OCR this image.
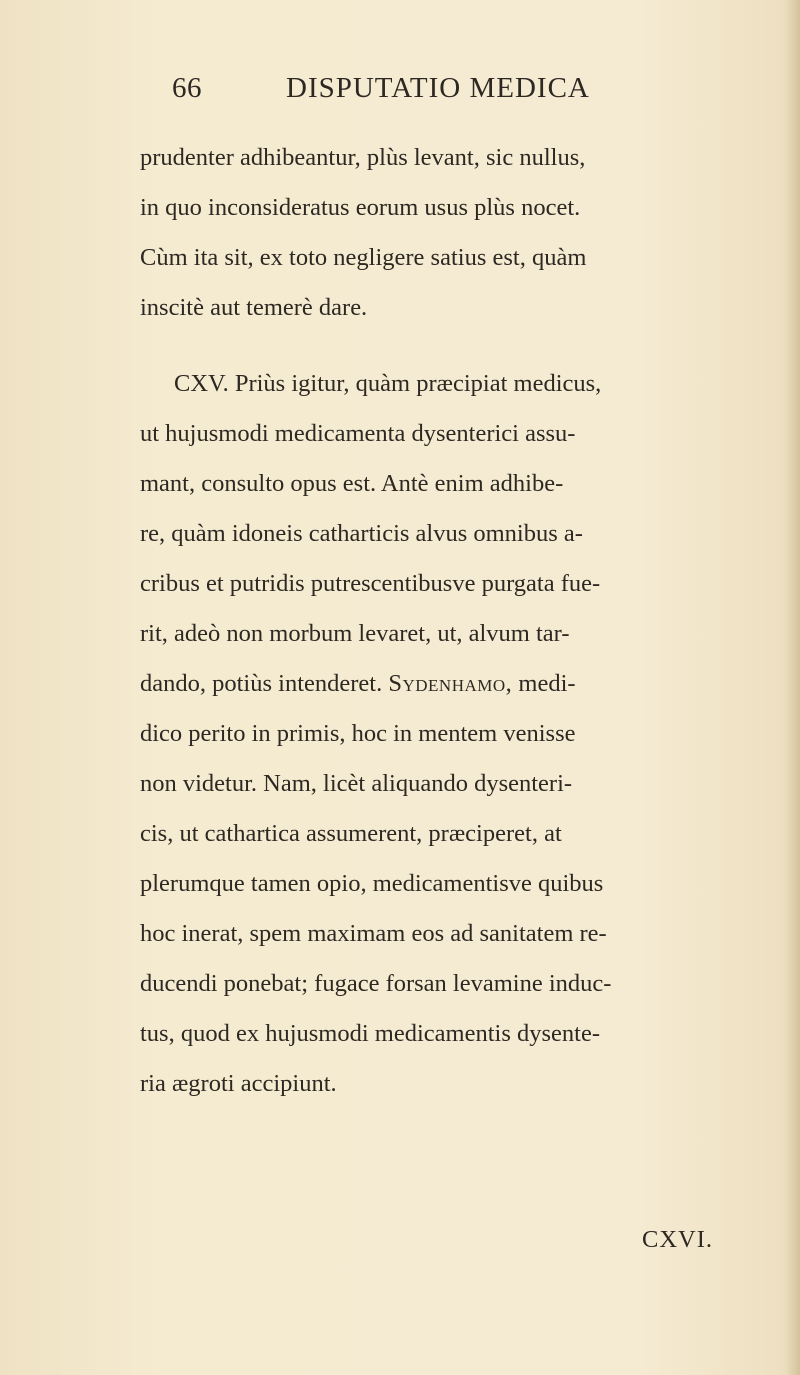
66	DISPUTATIO MEDICA
prudenter adhibeantur, plùs levant, sic nullus,
in quo inconsideratus eorum usus plùs nocet.
Cùm ita sit, ex toto negligere satius est, quàm
inscitè aut temerè dare.
CXV. Priùs igitur, quàm præcipiat medicus,
ut hujusmodi medicamenta dysenterici assu-
mant, consulto opus est. Antè enim adhibe-
re, quàm idoneis catharticis alvus omnibus a-
cribus et putridis putrescentibusve purgata fue-
rit, adeò non morbum levaret, ut, alvum tar-
dando, potiùs intenderet. Sydenhamo, medi-
dico perito in primis, hoc in mentem venisse
non videtur. Nam, licèt aliquando dysenteri-
cis, ut cathartica assumerent, præciperet, at
plerumque tamen opio, medicamentisve quibus
hoc inerat, spem maximam eos ad sanitatem re-
ducendi ponebat; fugace forsan levamine induc-
tus, quod ex hujusmodi medicamentis dysente-
ria ægroti accipiunt.
CXVI.
